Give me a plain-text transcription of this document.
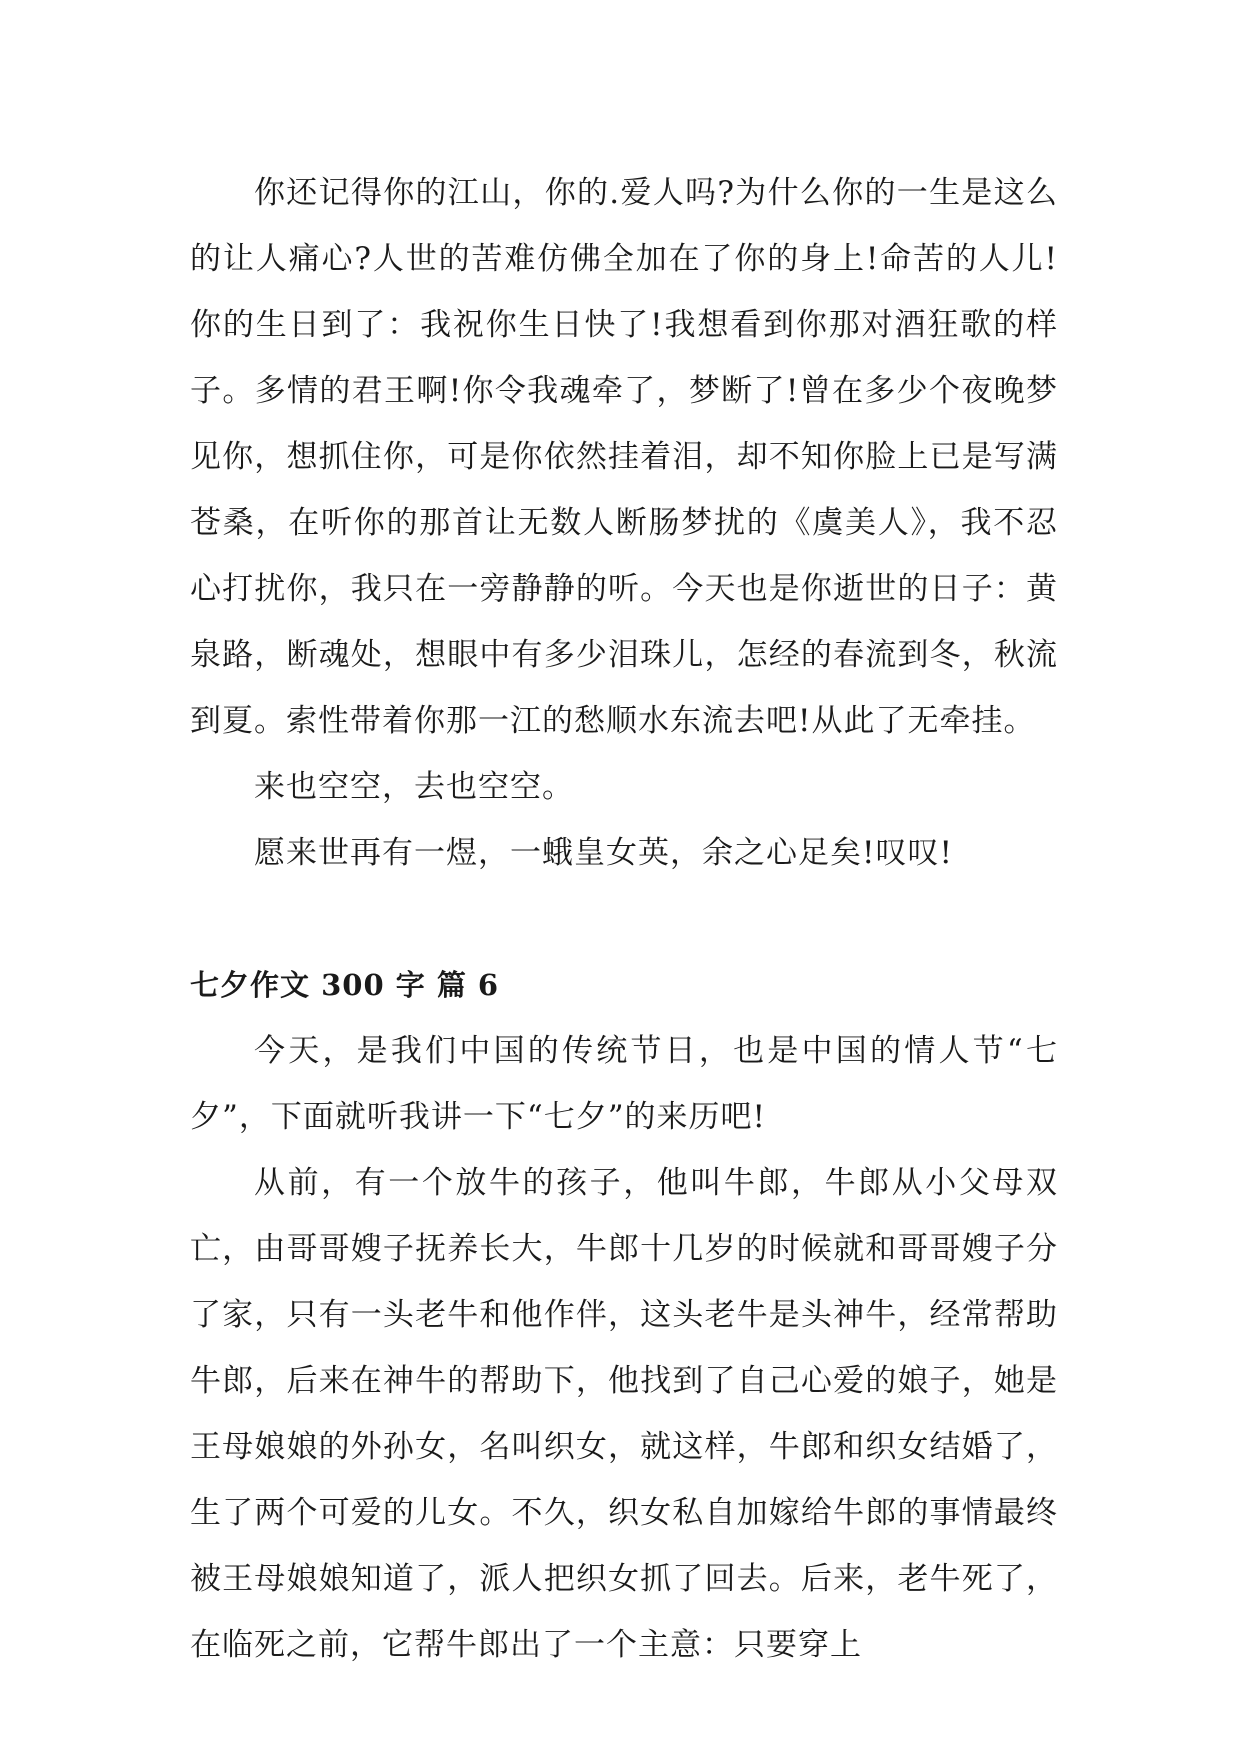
你还记得你的江山，你的.爱人吗?为什么你的一生是这么的让人痛心?人世的苦难仿佛全加在了你的身上!命苦的人儿!你的生日到了：我祝你生日快了!我想看到你那对酒狂歌的样子。多情的君王啊!你令我魂牵了，梦断了!曾在多少个夜晚梦见你，想抓住你，可是你依然挂着泪，却不知你脸上已是写满苍桑，在听你的那首让无数人断肠梦扰的《虞美人》，我不忍心打扰你，我只在一旁静静的听。今天也是你逝世的日子：黄泉路，断魂处，想眼中有多少泪珠儿，怎经的春流到冬，秋流到夏。索性带着你那一江的愁顺水东流去吧!从此了无牵挂。

来也空空，去也空空。

愿来世再有一煜，一蛾皇女英，余之心足矣!叹叹!

七夕作文 300 字 篇 6

今天，是我们中国的传统节日，也是中国的情人节“七夕”，下面就听我讲一下“七夕”的来历吧!

从前，有一个放牛的孩子，他叫牛郎，牛郎从小父母双亡，由哥哥嫂子抚养长大，牛郎十几岁的时候就和哥哥嫂子分了家，只有一头老牛和他作伴，这头老牛是头神牛，经常帮助牛郎，后来在神牛的帮助下，他找到了自己心爱的娘子，她是王母娘娘的外孙女，名叫织女，就这样，牛郎和织女结婚了，生了两个可爱的儿女。不久，织女私自加嫁给牛郎的事情最终被王母娘娘知道了，派人把织女抓了回去。后来，老牛死了，在临死之前，它帮牛郎出了一个主意：只要穿上
